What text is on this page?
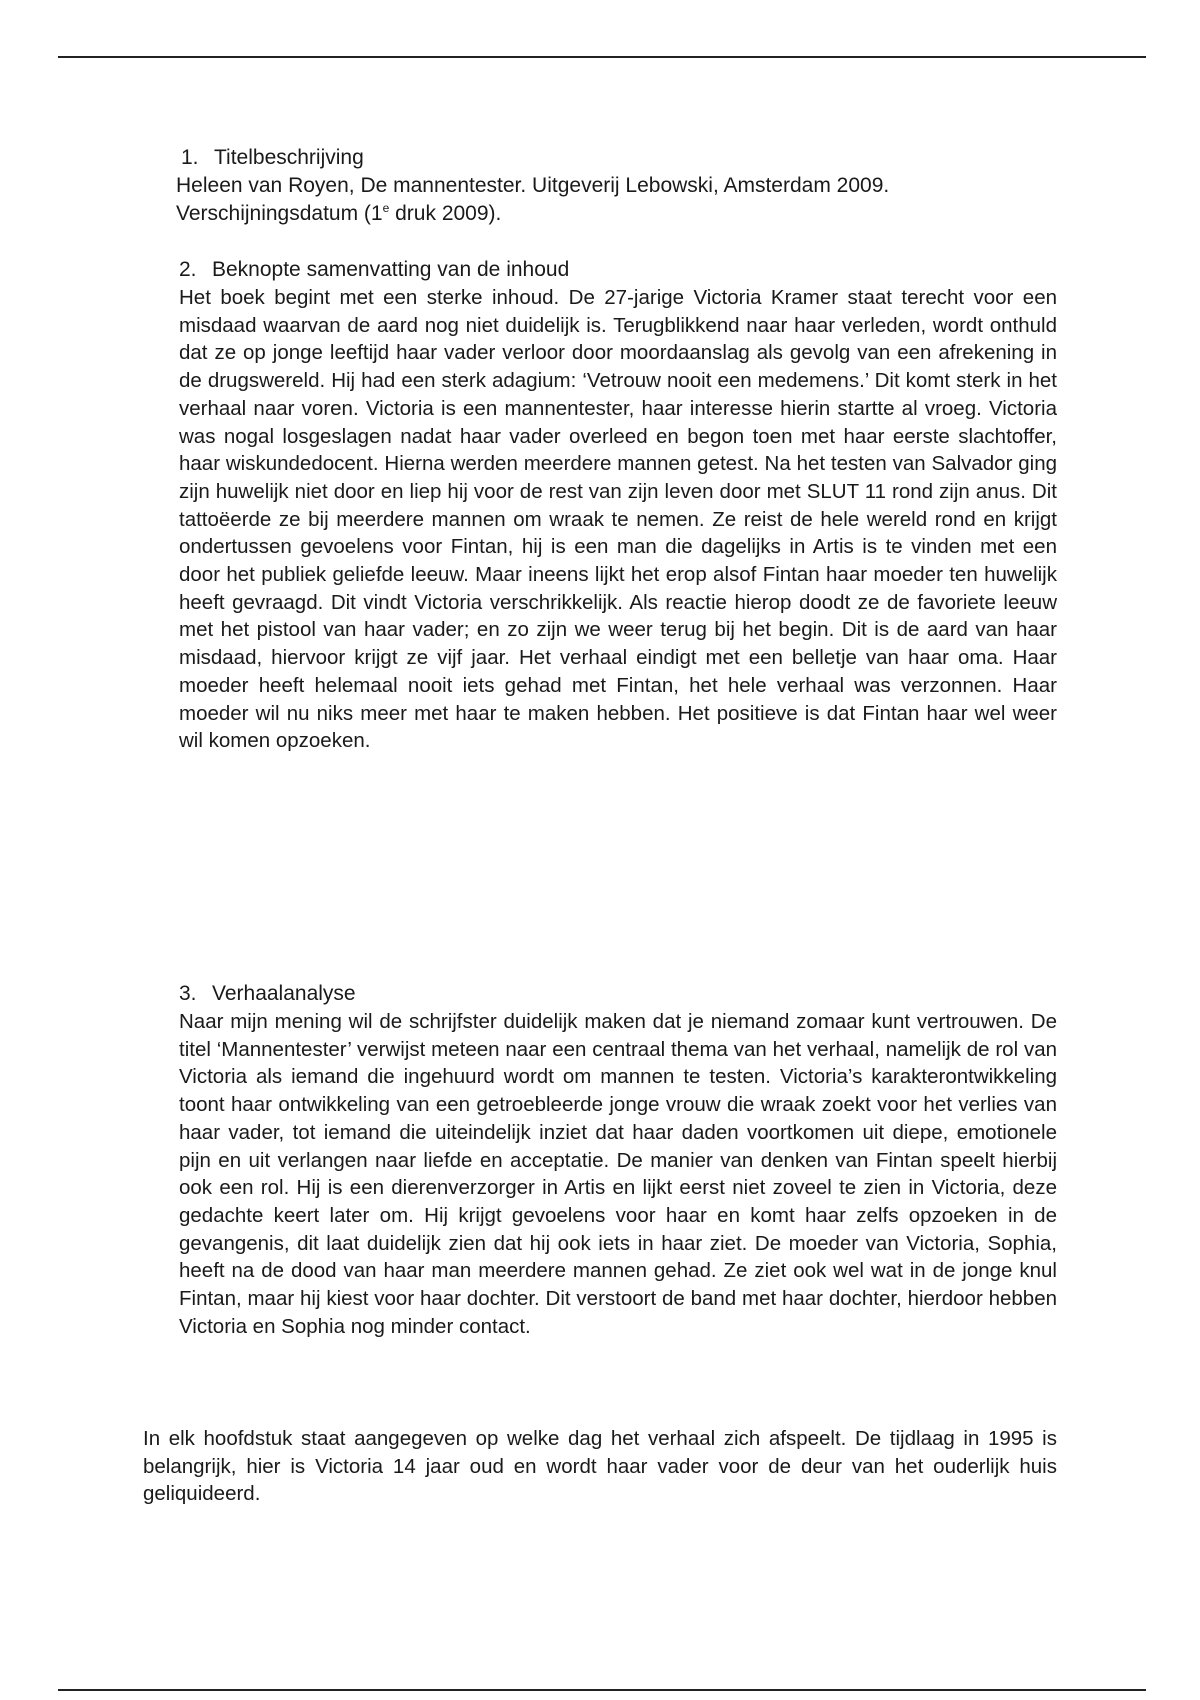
1. Titelbeschrijving

Heleen van Royen, De mannentester. Uitgeverij Lebowski, Amsterdam 2009.

Verschijningsdatum (1e druk 2009).

2. Beknopte samenvatting van de inhoud

Het boek begint met een sterke inhoud. De 27-jarige Victoria Kramer staat terecht voor een misdaad waarvan de aard nog niet duidelijk is. Terugblikkend naar haar verleden, wordt onthuld dat ze op jonge leeftijd haar vader verloor door moordaanslag als gevolg van een afrekening in de drugswereld. Hij had een sterk adagium: ‘Vetrouw nooit een medemens.’ Dit komt sterk in het verhaal naar voren. Victoria is een mannentester, haar interesse hierin startte al vroeg. Victoria was nogal losgeslagen nadat haar vader overleed en begon toen met haar eerste slachtoffer, haar wiskundedocent. Hierna werden meerdere mannen getest. Na het testen van Salvador ging zijn huwelijk niet door en liep hij voor de rest van zijn leven door met SLUT 11 rond zijn anus. Dit tattoëerde ze bij meerdere mannen om wraak te nemen. Ze reist de hele wereld rond en krijgt ondertussen gevoelens voor Fintan, hij is een man die dagelijks in Artis is te vinden met een door het publiek geliefde leeuw. Maar ineens lijkt het erop alsof Fintan haar moeder ten huwelijk heeft gevraagd. Dit vindt Victoria verschrikkelijk. Als reactie hierop doodt ze de favoriete leeuw met het pistool van haar vader; en zo zijn we weer terug bij het begin. Dit is de aard van haar misdaad, hiervoor krijgt ze vijf jaar. Het verhaal eindigt met een belletje van haar oma. Haar moeder heeft helemaal nooit iets gehad met Fintan, het hele verhaal was verzonnen. Haar moeder wil nu niks meer met haar te maken hebben. Het positieve is dat Fintan haar wel weer wil komen opzoeken.

3. Verhaalanalyse

Naar mijn mening wil de schrijfster duidelijk maken dat je niemand zomaar kunt vertrouwen. De titel ‘Mannentester’ verwijst meteen naar een centraal thema van het verhaal, namelijk de rol van Victoria als iemand die ingehuurd wordt om mannen te testen. Victoria’s karakterontwikkeling toont haar ontwikkeling van een getroebleerde jonge vrouw die wraak zoekt voor het verlies van haar vader, tot iemand die uiteindelijk inziet dat haar daden voortkomen uit diepe, emotionele pijn en uit verlangen naar liefde en acceptatie. De manier van denken van Fintan speelt hierbij ook een rol. Hij is een dierenverzorger in Artis en lijkt eerst niet zoveel te zien in Victoria, deze gedachte keert later om. Hij krijgt gevoelens voor haar en komt haar zelfs opzoeken in de gevangenis, dit laat duidelijk zien dat hij ook iets in haar ziet. De moeder van Victoria, Sophia, heeft na de dood van haar man meerdere mannen gehad. Ze ziet ook wel wat in de jonge knul Fintan, maar hij kiest voor haar dochter. Dit verstoort de band met haar dochter, hierdoor hebben Victoria en Sophia nog minder contact.

In elk hoofdstuk staat aangegeven op welke dag het verhaal zich afspeelt. De tijdlaag in 1995 is belangrijk, hier is Victoria 14 jaar oud en wordt haar vader voor de deur van het ouderlijk huis geliquideerd.
